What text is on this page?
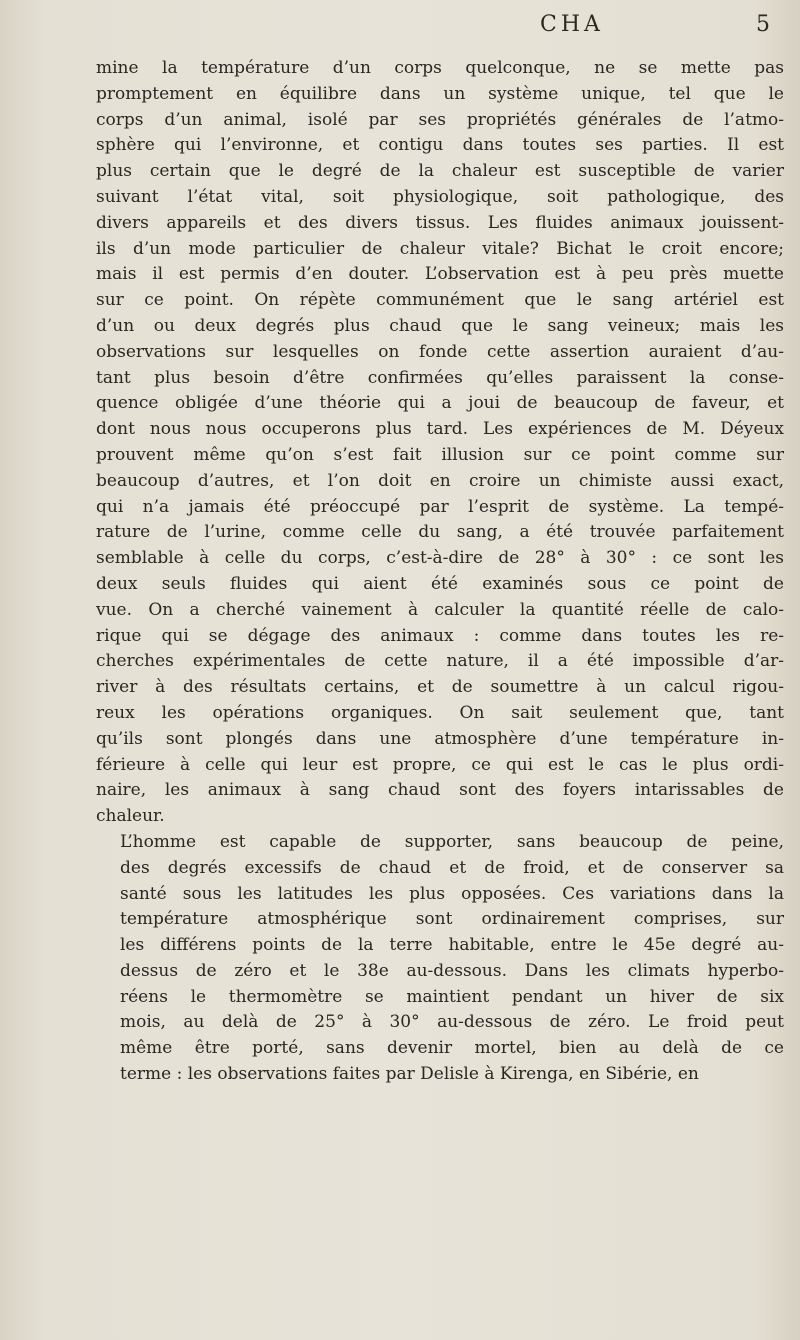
CHA	5
mine la température d’un corps quelconque, ne se mette pas
promptement en équilibre dans un système unique, tel que le
corps d’un animal, isolé par ses propriétés générales de l’atmo-
sphère qui l’environne, et contigu dans toutes ses parties. Il est
plus certain que le degré de la chaleur est susceptible de varier
suivant l’état vital, soit physiologique, soit pathologique, des
divers appareils et des divers tissus. Les fluides animaux jouissent-
ils d’un mode particulier de chaleur vitale? Bichat le croit encore;
mais il est permis d’en douter. L’observation est à peu près muette
sur ce point. On répète communément que le sang artériel est
d’un ou deux degrés plus chaud que le sang veineux; mais les
observations sur lesquelles on fonde cette assertion auraient d’au-
tant plus besoin d’être confirmées qu’elles paraissent la conse-
quence obligée d’une théorie qui a joui de beaucoup de faveur, et
dont nous nous occuperons plus tard. Les expériences de M. Déyeux
prouvent même qu’on s’est fait illusion sur ce point comme sur
beaucoup d’autres, et l’on doit en croire un chimiste aussi exact,
qui n’a jamais été préoccupé par l’esprit de système. La tempé-
rature de l’urine, comme celle du sang, a été trouvée parfaitement
semblable à celle du corps, c’est-à-dire de 28° à 30° : ce sont les
deux seuls fluides qui aient été examinés sous ce point de
vue. On a cherché vainement à calculer la quantité réelle de calo-
rique qui se dégage des animaux : comme dans toutes les re-
cherches expérimentales de cette nature, il a été impossible d’ar-
river à des résultats certains, et de soumettre à un calcul rigou-
reux les opérations organiques. On sait seulement que, tant
qu’ils sont plongés dans une atmosphère d’une température in-
férieure à celle qui leur est propre, ce qui est le cas le plus ordi-
naire, les animaux à sang chaud sont des foyers intarissables de
chaleur.
L’homme est capable de supporter, sans beaucoup de peine,
des degrés excessifs de chaud et de froid, et de conserver sa
santé sous les latitudes les plus opposées. Ces variations dans la
température atmosphérique sont ordinairement comprises, sur
les différens points de la terre habitable, entre le 45e degré au-
dessus de zéro et le 38e au-dessous. Dans les climats hyperbo-
réens le thermomètre se maintient pendant un hiver de six
mois, au delà de 25° à 30° au-dessous de zéro. Le froid peut
même être porté, sans devenir mortel, bien au delà de ce
terme : les observations faites par Delisle à Kirenga, en Sibérie, en
